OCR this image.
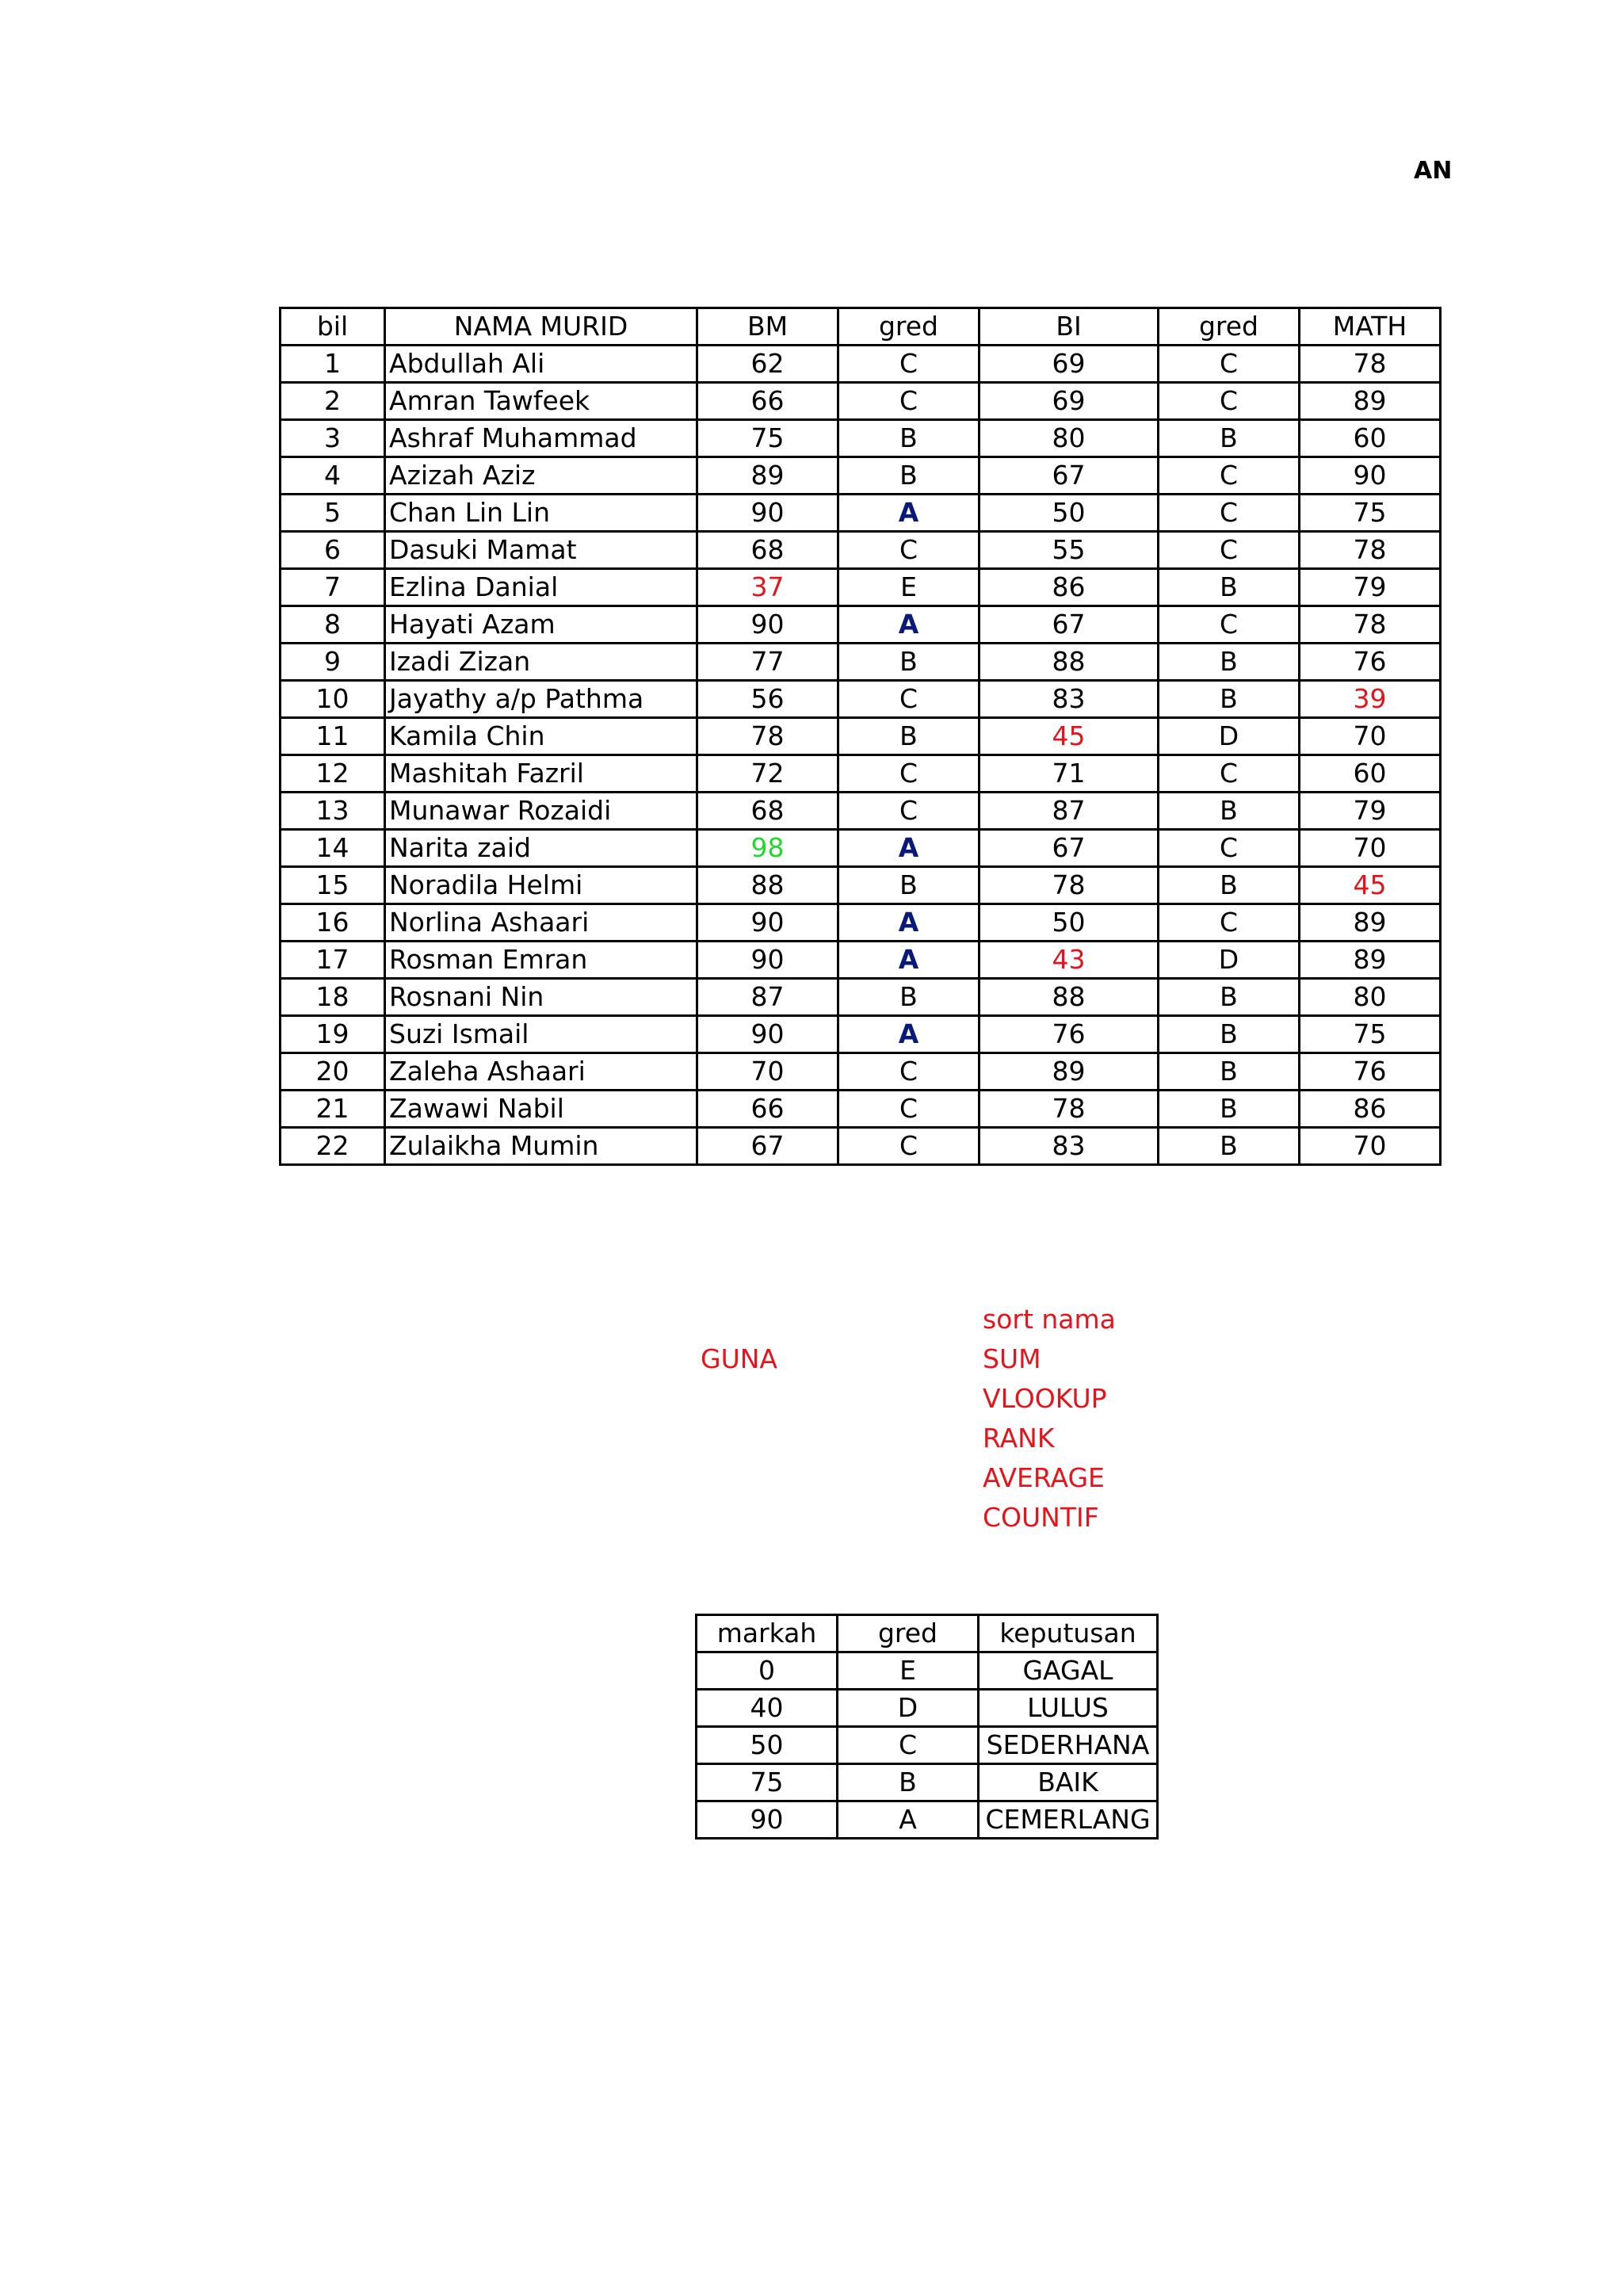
AN
bil	NAMA MURID	BM	gred	BI	gred	MATH
1	Abdullah Ali	62	C	69	C	78
2	Amran Tawfeek	66	C	69	C	89
3	Ashraf Muhammad	75	B	80	B	60
4	Azizah Aziz	89	B	67	C	90
5	Chan Lin Lin	90	A	50	C	75
6	Dasuki Mamat	68	C	55	C	78
7	Ezlina Danial	37	E	86	B	79
8	Hayati Azam	90	A	67	C	78
9	Izadi Zizan	77	B	88	B	76
10	Jayathy a/p Pathma	56	C	83	B	39
11	Kamila Chin	78	B	45	D	70
12	Mashitah Fazril	72	C	71	C	60
13	Munawar Rozaidi	68	C	87	B	79
14	Narita zaid	98	A	67	C	70
15	Noradila Helmi	88	B	78	B	45
16	Norlina Ashaari	90	A	50	C	89
17	Rosman Emran	90	A	43	D	89
18	Rosnani Nin	87	B	88	B	80
19	Suzi Ismail	90	A	76	B	75
20	Zaleha Ashaari	70	C	89	B	76
21	Zawawi Nabil	66	C	78	B	86
22	Zulaikha Mumin	67	C	83	B	70
GUNA
sort nama
SUM
VLOOKUP
RANK
AVERAGE
COUNTIF
markah	gred	keputusan
0	E	GAGAL
40	D	LULUS
50	C	SEDERHANA
75	B	BAIK
90	A	CEMERLANG
